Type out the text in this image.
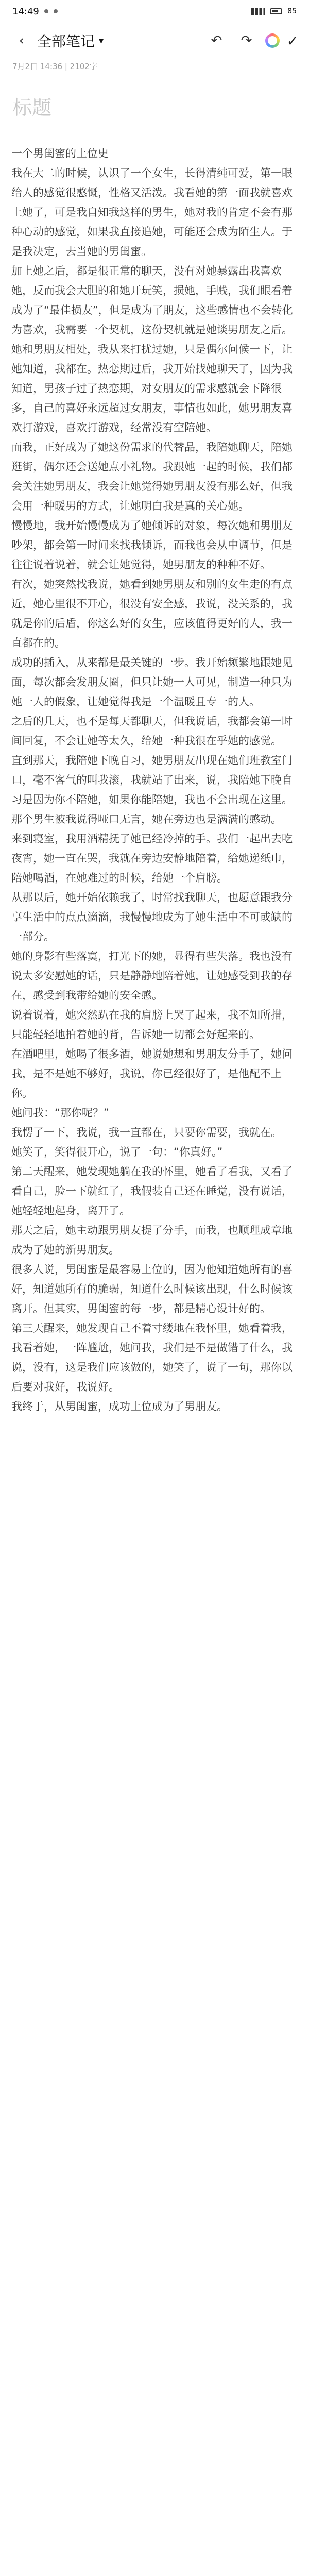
14:49	85
‹ 全部笔记 ▾	↶	↷	✓
7月2日 14:36 | 2102字
标题

一个男闺蜜的上位史

我在大二的时候，认识了一个女生，长得清纯可爱，第一眼给人的感觉很憨慨，性格又活泼。我看她的第一面我就喜欢上她了，可是我自知我这样的男生，她对我的肯定不会有那种心动的感觉，如果我直接追她，可能还会成为陌生人。于是我决定，去当她的男闺蜜。

加上她之后，都是很正常的聊天，没有对她暴露出我喜欢她，反而我会大胆的和她开玩笑，损她，手贱，我们眼看着成为了“最佳损友”，但是成为了朋友，这些感情也不会转化为喜欢，我需要一个契机，这份契机就是她谈男朋友之后。

她和男朋友相处，我从来打扰过她，只是偶尔问候一下，让她知道，我都在。热恋期过后，我开始找她聊天了，因为我知道，男孩子过了热恋期，对女朋友的需求感就会下降很多，自己的喜好永远超过女朋友，事情也如此，她男朋友喜欢打游戏，喜欢打游戏，经常没有空陪她。

而我，正好成为了她这份需求的代替品，我陪她聊天，陪她逛街，偶尔还会送她点小礼物。我跟她一起的时候，我们都会关注她男朋友，我会让她觉得她男朋友没有那么好，但我会用一种暖男的方式，让她明白我是真的关心她。

慢慢地，我开始慢慢成为了她倾诉的对象，每次她和男朋友吵架，都会第一时间来找我倾诉，而我也会从中调节，但是往往说着说着，就会让她觉得，她男朋友的种种不好。

有次，她突然找我说，她看到她男朋友和别的女生走的有点近，她心里很不开心，很没有安全感，我说，没关系的，我就是你的后盾，你这么好的女生，应该值得更好的人，我一直都在的。

成功的插入，从来都是最关键的一步。我开始频繁地跟她见面，每次都会发朋友圈，但只让她一人可见，制造一种只为她一人的假象，让她觉得我是一个温暖且专一的人。

之后的几天，也不是每天都聊天，但我说话，我都会第一时间回复，不会让她等太久，给她一种我很在乎她的感觉。

直到那天，我陪她下晚自习，她男朋友出现在她们班教室门口，毫不客气的叫我滚，我就站了出来，说，我陪她下晚自习是因为你不陪她，如果你能陪她，我也不会出现在这里。那个男生被我说得哑口无言，她在旁边也是满满的感动。

来到寝室，我用酒精抚了她已经冷掉的手。我们一起出去吃夜宵，她一直在哭，我就在旁边安静地陪着，给她递纸巾，陪她喝酒，在她难过的时候，给她一个肩膀。

从那以后，她开始依赖我了，时常找我聊天，也愿意跟我分享生活中的点点滴滴，我慢慢地成为了她生活中不可或缺的一部分。

她的身影有些落寞，打光下的她，显得有些失落。我也没有说太多安慰她的话，只是静静地陪着她，让她感受到我的存在，感受到我带给她的安全感。

说着说着，她突然趴在我的肩膀上哭了起来，我不知所措，只能轻轻地拍着她的背，告诉她一切都会好起来的。

在酒吧里，她喝了很多酒，她说她想和男朋友分手了，她问我，是不是她不够好，我说，你已经很好了，是他配不上你。

她问我：“那你呢？”

我愣了一下，我说，我一直都在，只要你需要，我就在。

她笑了，笑得很开心，说了一句：“你真好。”

第二天醒来，她发现她躺在我的怀里，她看了看我，又看了看自己，脸一下就红了，我假装自己还在睡觉，没有说话，她轻轻地起身，离开了。

那天之后，她主动跟男朋友提了分手，而我，也顺理成章地成为了她的新男朋友。

很多人说，男闺蜜是最容易上位的，因为他知道她所有的喜好，知道她所有的脆弱，知道什么时候该出现，什么时候该离开。但其实，男闺蜜的每一步，都是精心设计好的。

第三天醒来，她发现自己不着寸缕地在我怀里，她看着我，我看着她，一阵尴尬，她问我，我们是不是做错了什么，我说，没有，这是我们应该做的，她笑了，说了一句，那你以后要对我好，我说好。

我终于，从男闺蜜，成功上位成为了男朋友。
